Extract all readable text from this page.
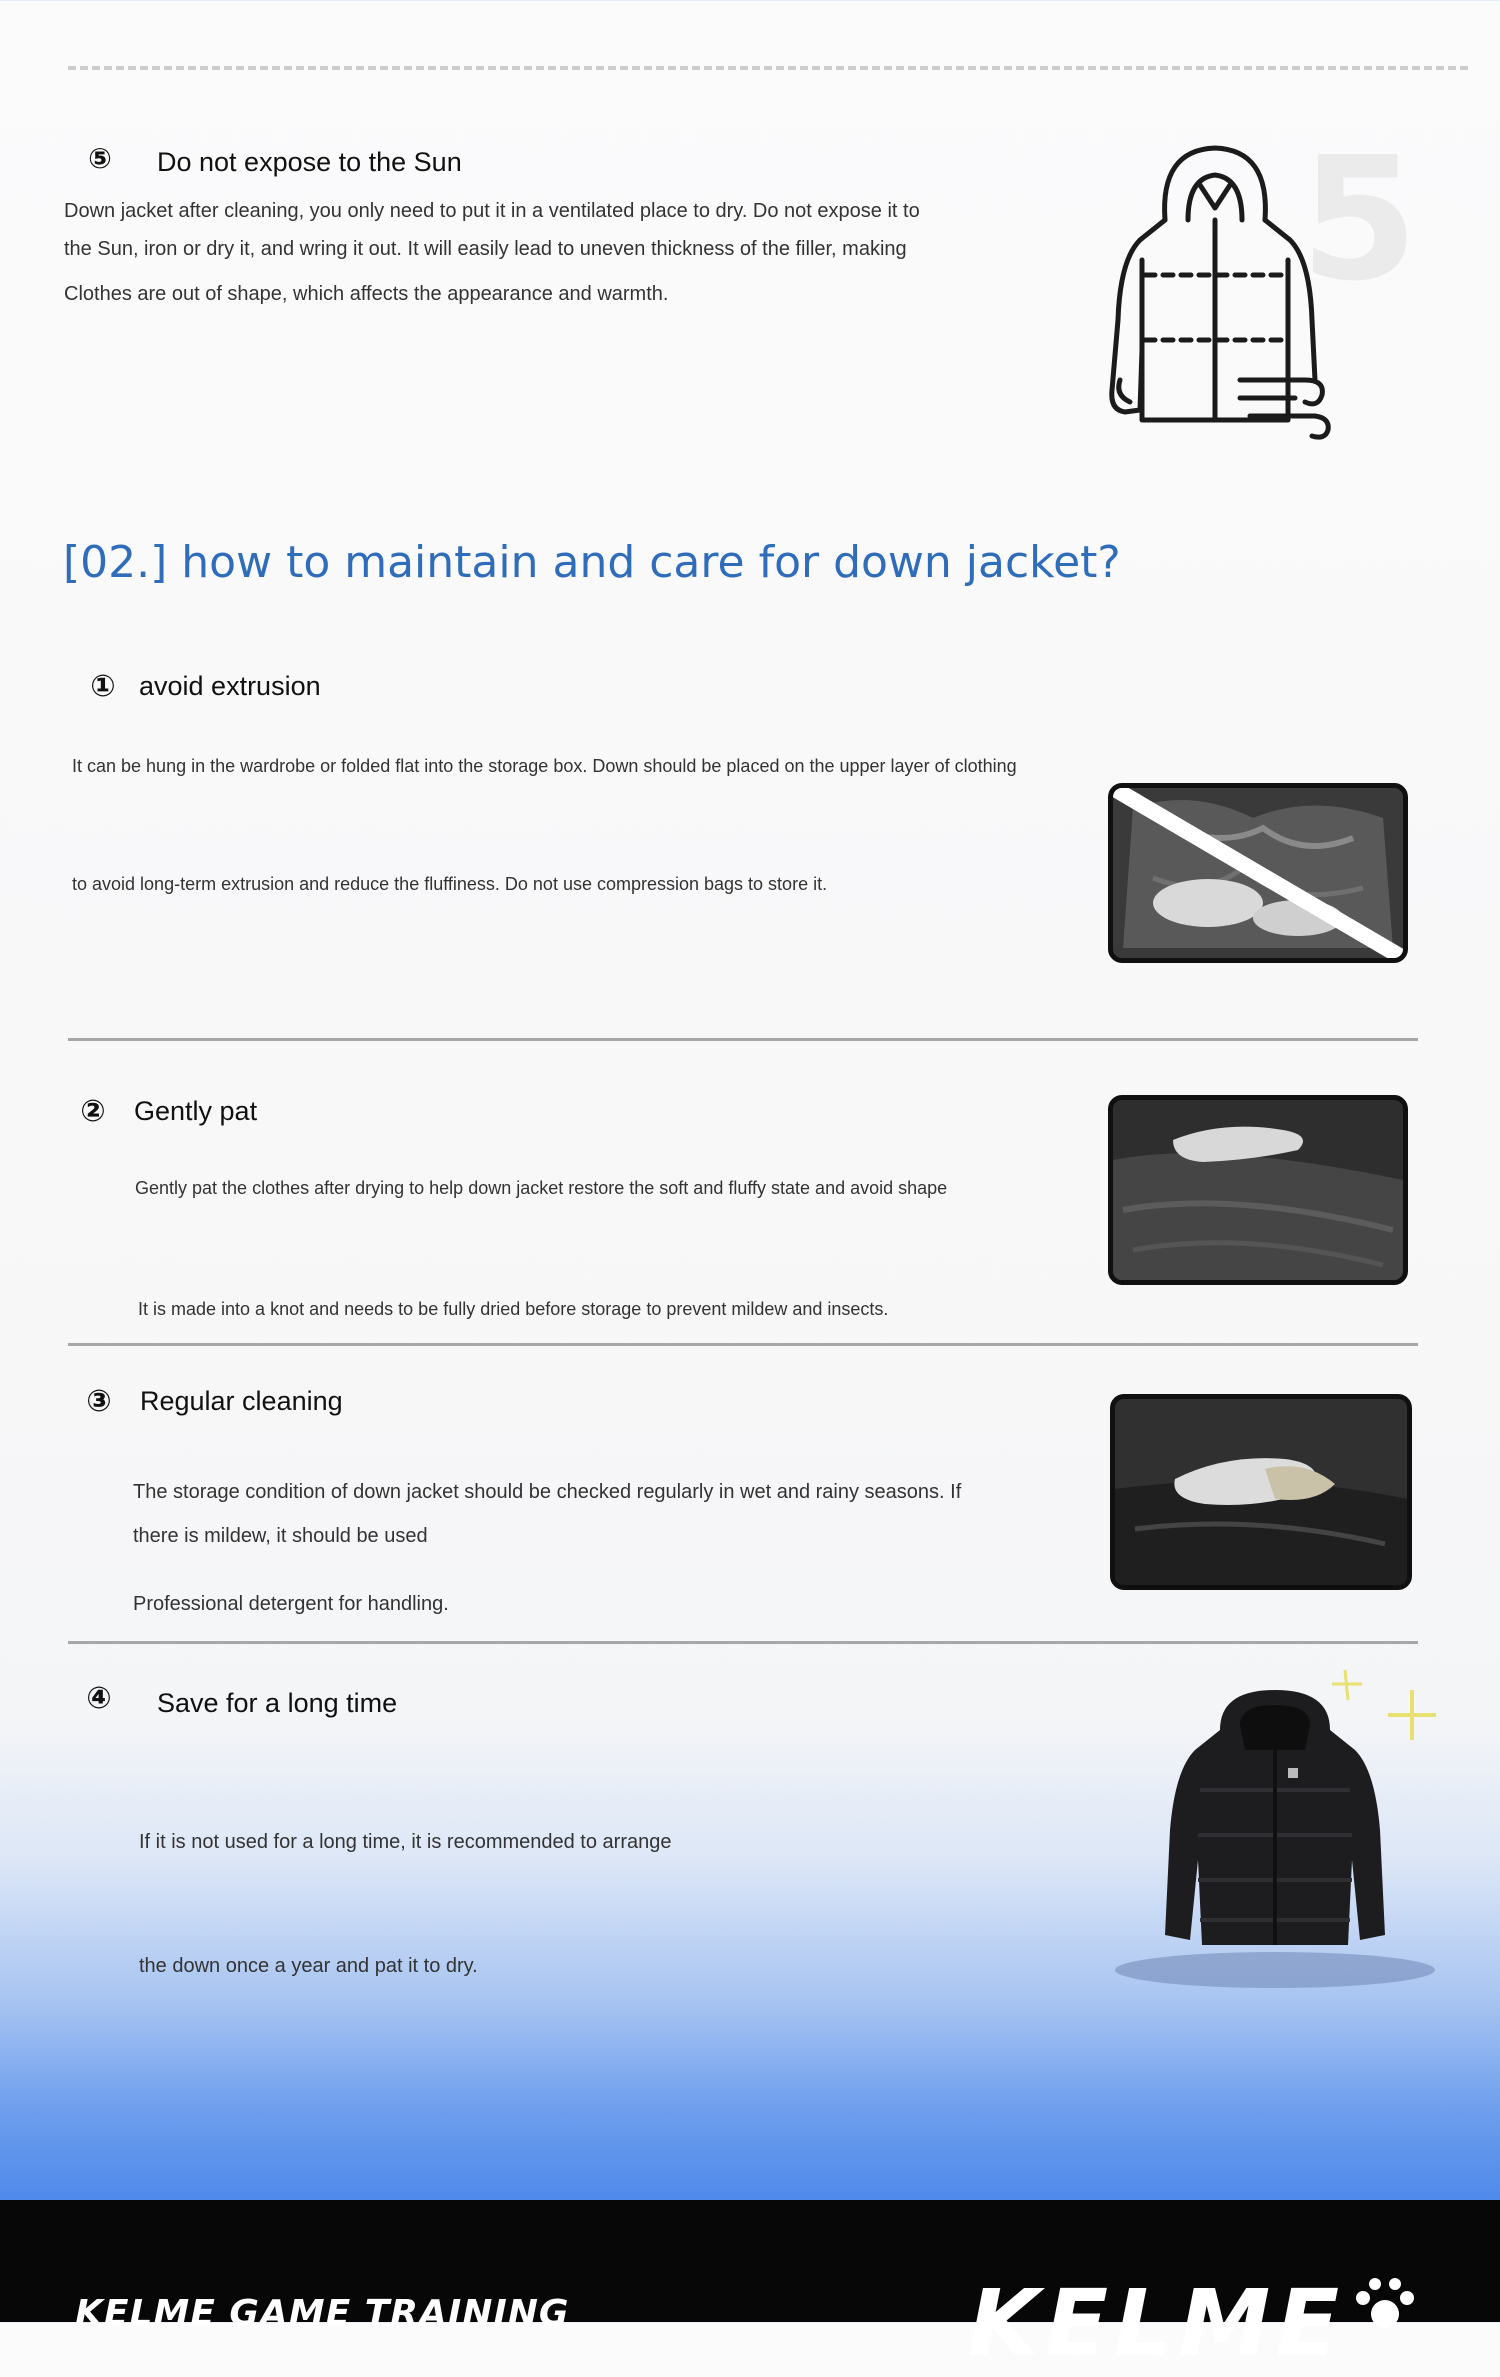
⑤	Do not expose to the Sun
Down jacket after cleaning, you only need to put it in a ventilated place to dry. Do not expose it to
the Sun, iron or dry it, and wring it out. It will easily lead to uneven thickness of the filler, making
Clothes are out of shape, which affects the appearance and warmth.	5
[02.] how to maintain and care for down jacket?
① avoid extrusion
It can be hung in the wardrobe or folded flat into the storage box. Down should be placed on the upper layer of clothing
to avoid long-term extrusion and reduce the fluffiness. Do not use compression bags to store it.
②	Gently pat
Gently pat the clothes after drying to help down jacket restore the soft and fluffy state and avoid shape
It is made into a knot and needs to be fully dried before storage to prevent mildew and insects.
③	Regular cleaning
The storage condition of down jacket should be checked regularly in wet and rainy seasons. If
there is mildew, it should be used
Professional detergent for handling.
④	Save for a long time
If it is not used for a long time, it is recommended to arrange
the down once a year and pat it to dry.
KELME GAME TRAINING	KELME
